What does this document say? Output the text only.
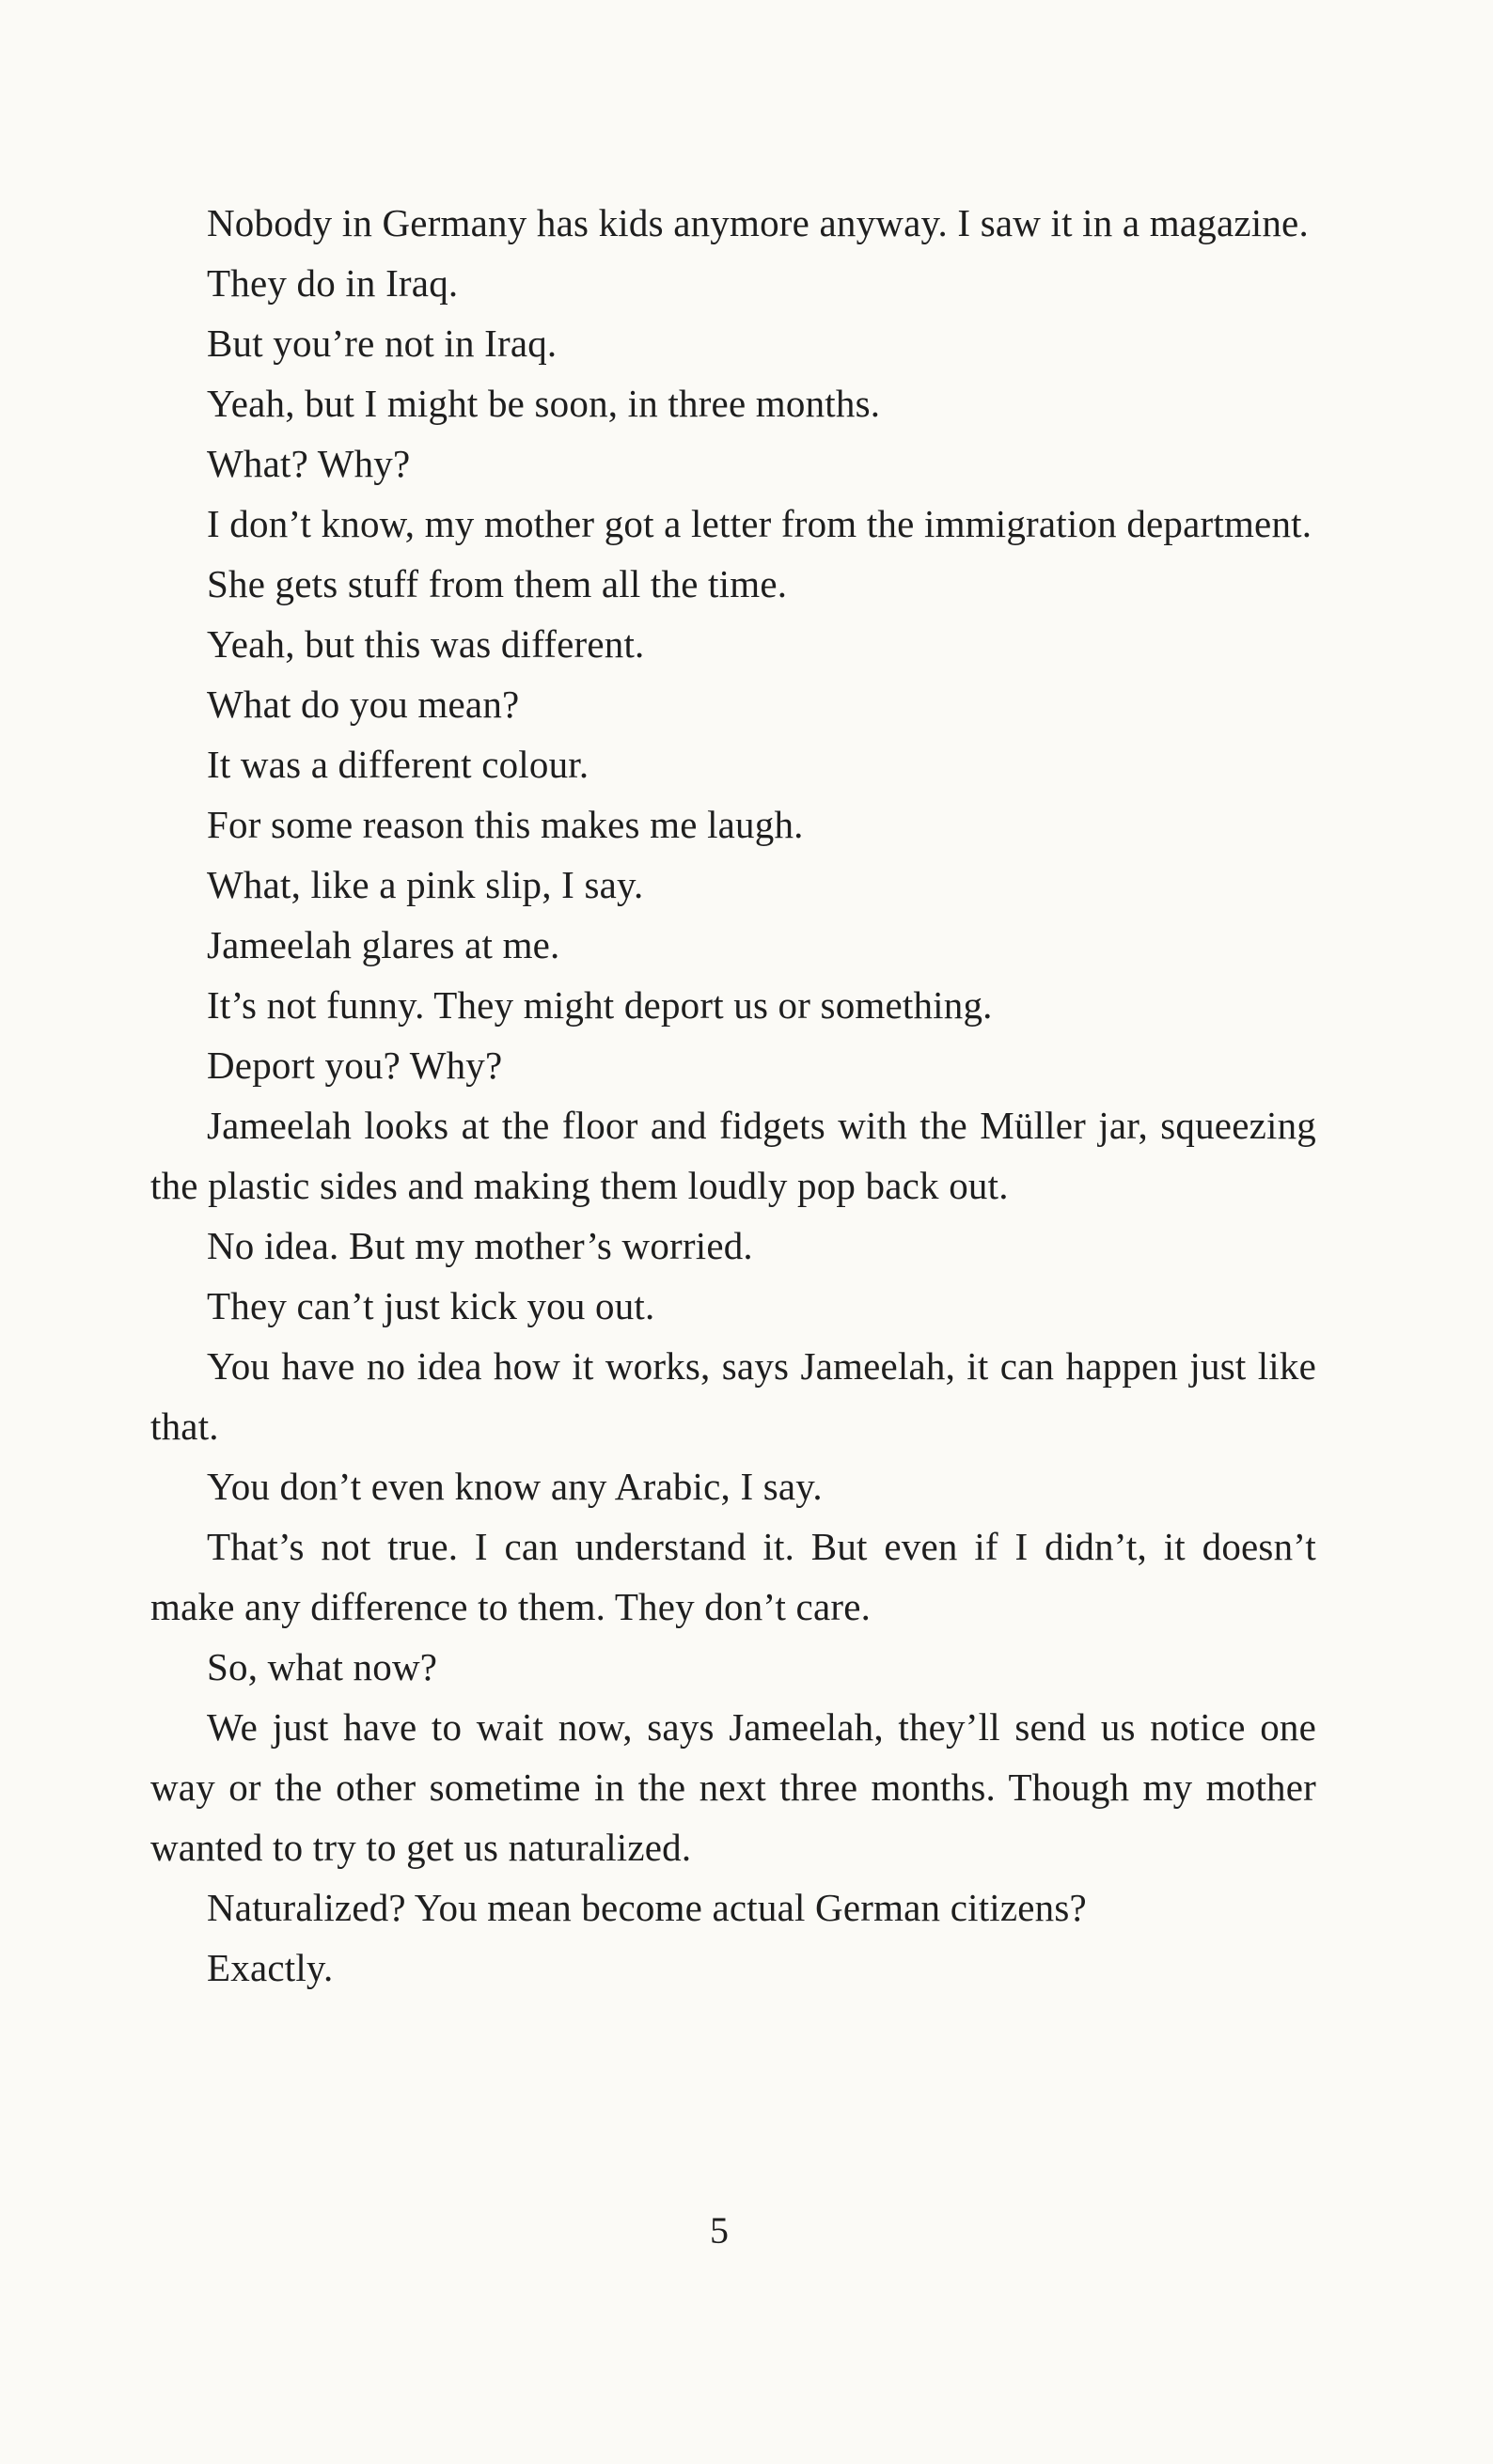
Nobody in Germany has kids anymore anyway. I saw it in a magazine.

They do in Iraq.

But you’re not in Iraq.

Yeah, but I might be soon, in three months.

What? Why?

I don’t know, my mother got a letter from the immigration department.

She gets stuff from them all the time.

Yeah, but this was different.

What do you mean?

It was a different colour.

For some reason this makes me laugh.

What, like a pink slip, I say.

Jameelah glares at me.

It’s not funny. They might deport us or something.

Deport you? Why?

Jameelah looks at the floor and fidgets with the Müller jar, squeezing the plastic sides and making them loudly pop back out.

No idea. But my mother’s worried.

They can’t just kick you out.

You have no idea how it works, says Jameelah, it can happen just like that.

You don’t even know any Arabic, I say.

That’s not true. I can understand it. But even if I didn’t, it doesn’t make any difference to them. They don’t care.

So, what now?

We just have to wait now, says Jameelah, they’ll send us notice one way or the other sometime in the next three months. Though my mother wanted to try to get us naturalized.

Naturalized? You mean become actual German citizens?

Exactly.

5
